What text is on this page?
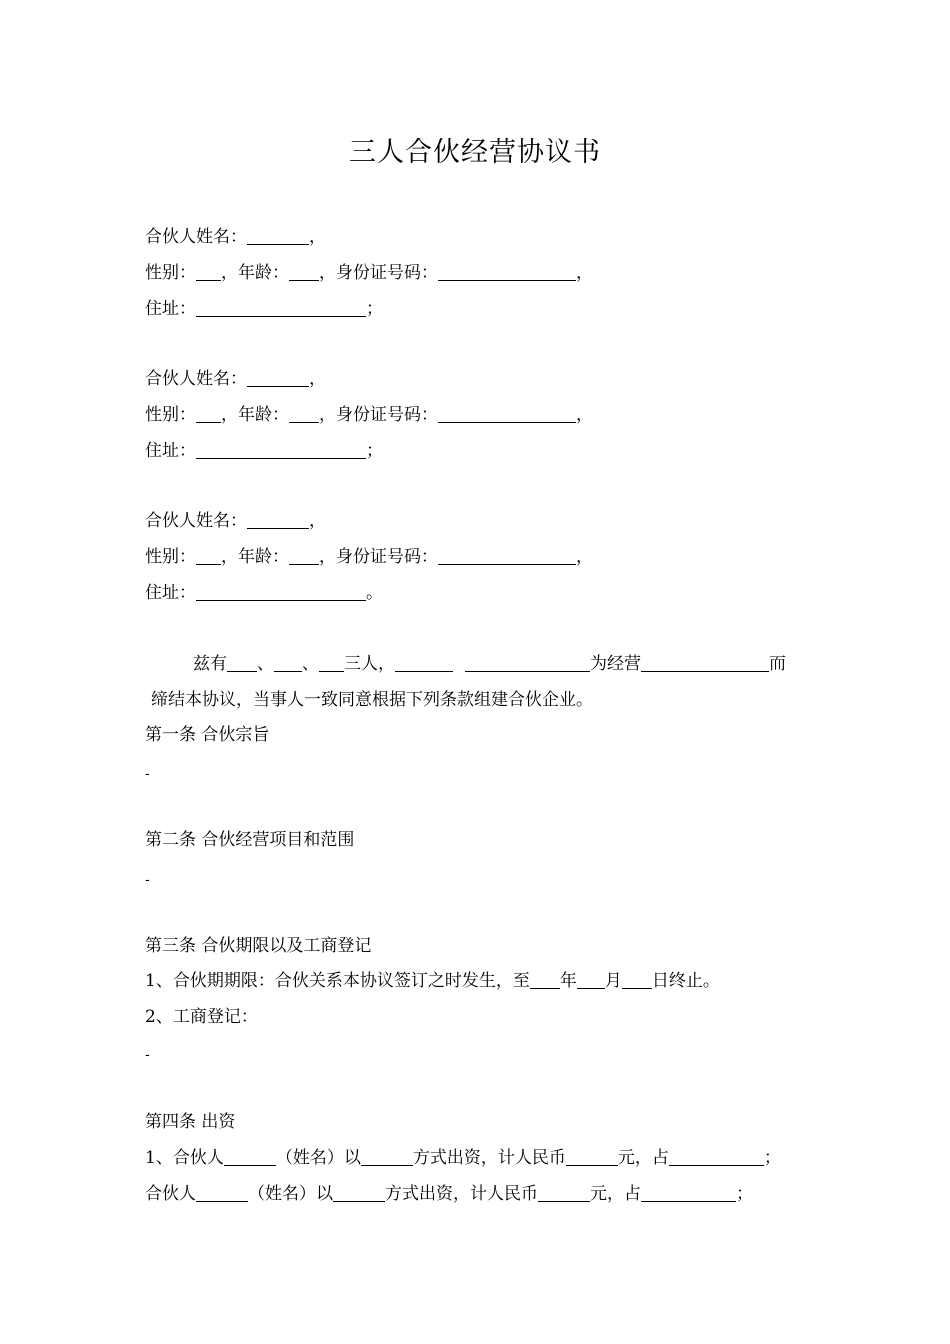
三人合伙经营协议书
合伙人姓名：	，
性别： ，年龄： ，身份证号码：	，
住址：	；
合伙人姓名：	，
性别： ，年龄： ，身份证号码：	，
住址：	；
合伙人姓名：	，
性别： ，年龄： ，身份证号码：	，
住址：	。
兹有 、 、 三人，	为经营	而
缔结本协议，当事人一致同意根据下列条款组建合伙企业。
第一条 合伙宗旨
-
第二条 合伙经营项目和范围
-
第三条 合伙期限以及工商登记
1、合伙期期限：合伙关系本协议签订之时发生，至 年 月 日终止。
2、工商登记：
-
第四条 出资
1、合伙人	（姓名）以	方式出资，计人民币	元，占	；
合伙人	（姓名）以	方式出资，计人民币	元，占	；
